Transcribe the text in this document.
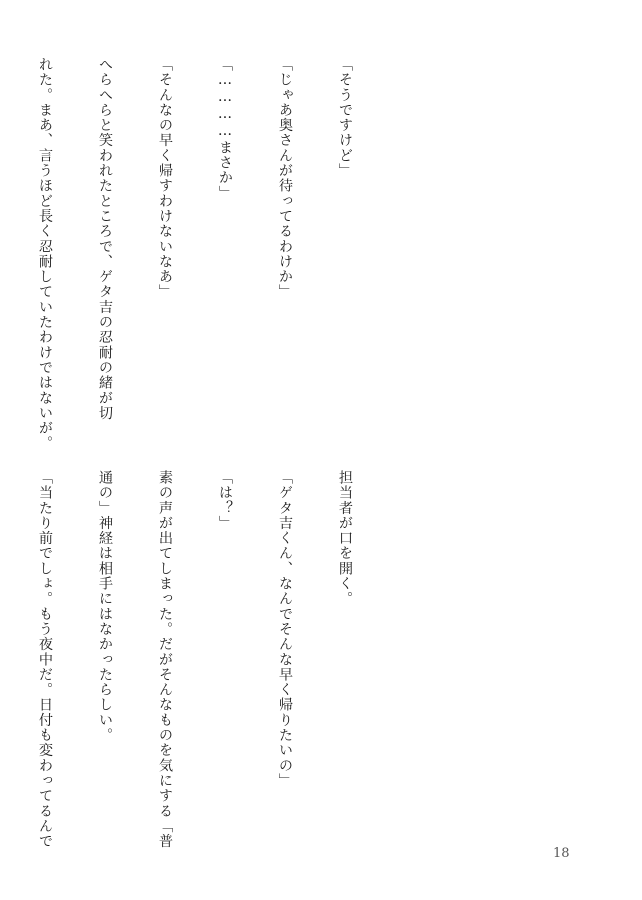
「そうですけど」

「じゃあ奥さんが待ってるわけか」

「…………まさか」

「そんなの早く帰すわけないなあ」

へらへらと笑われたところで、ゲタ吉の忍耐の緒が切

れた。まあ、言うほど長く忍耐していたわけではないが。

担当者が口を開く。

「ゲタ吉くん、なんでそんな早く帰りたいの」

「は？」

素の声が出てしまった。だがそんなものを気にする「普

通の」神経は相手にはなかったらしい。

「当たり前でしょ。もう夜中だ。日付も変わってるんで

18
